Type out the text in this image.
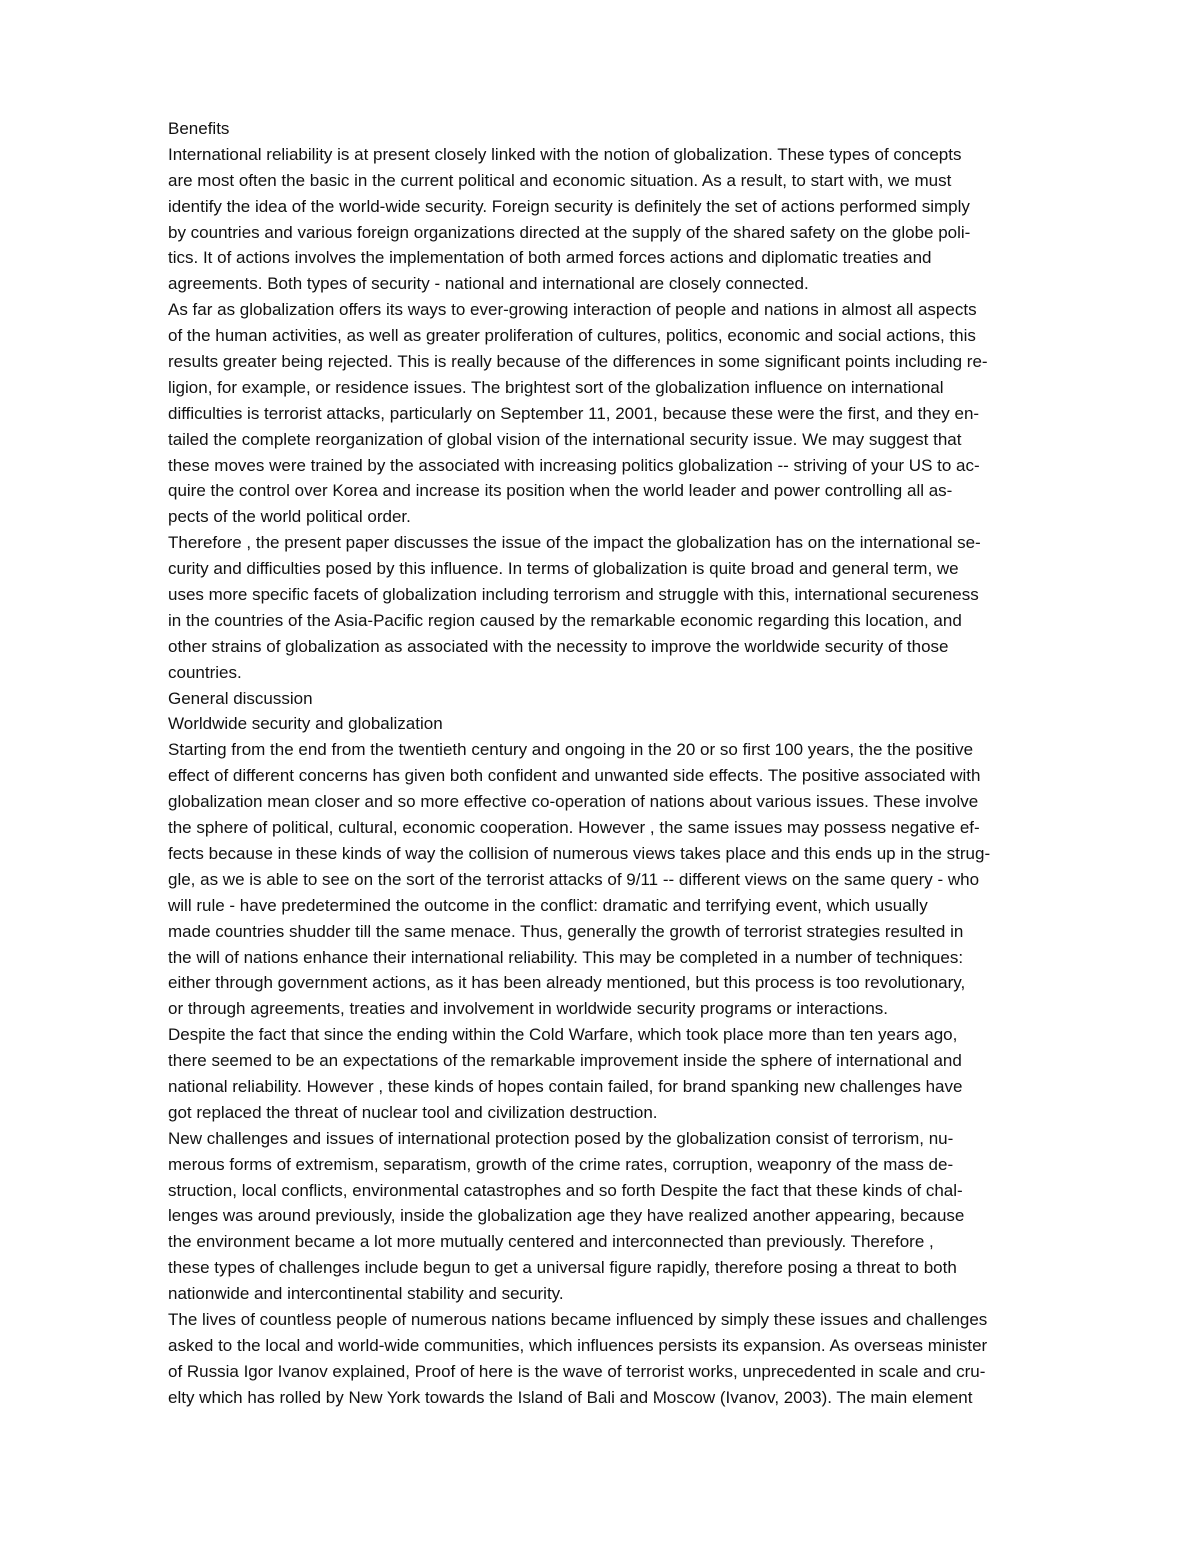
Benefits
International reliability is at present closely linked with the notion of globalization. These types of concepts
are most often the basic in the current political and economic situation. As a result, to start with, we must
identify the idea of the world-wide security. Foreign security is definitely the set of actions performed simply
by countries and various foreign organizations directed at the supply of the shared safety on the globe poli-
tics. It of actions involves the implementation of both armed forces actions and diplomatic treaties and
agreements. Both types of security - national and international are closely connected.
As far as globalization offers its ways to ever-growing interaction of people and nations in almost all aspects
of the human activities, as well as greater proliferation of cultures, politics, economic and social actions, this
results greater being rejected. This is really because of the differences in some significant points including re-
ligion, for example, or residence issues. The brightest sort of the globalization influence on international
difficulties is terrorist attacks, particularly on September 11, 2001, because these were the first, and they en-
tailed the complete reorganization of global vision of the international security issue. We may suggest that
these moves were trained by the associated with increasing politics globalization -- striving of your US to ac-
quire the control over Korea and increase its position when the world leader and power controlling all as-
pects of the world political order.
Therefore , the present paper discusses the issue of the impact the globalization has on the international se-
curity and difficulties posed by this influence. In terms of globalization is quite broad and general term, we
uses more specific facets of globalization including terrorism and struggle with this, international secureness
in the countries of the Asia-Pacific region caused by the remarkable economic regarding this location, and
other strains of globalization as associated with the necessity to improve the worldwide security of those
countries.
General discussion
Worldwide security and globalization
Starting from the end from the twentieth century and ongoing in the 20 or so first 100 years, the the positive
effect of different concerns has given both confident and unwanted side effects. The positive associated with
globalization mean closer and so more effective co-operation of nations about various issues. These involve
the sphere of political, cultural, economic cooperation. However , the same issues may possess negative ef-
fects because in these kinds of way the collision of numerous views takes place and this ends up in the strug-
gle, as we is able to see on the sort of the terrorist attacks of 9/11 -- different views on the same query - who
will rule - have predetermined the outcome in the conflict: dramatic and terrifying event, which usually
made countries shudder till the same menace. Thus, generally the growth of terrorist strategies resulted in
the will of nations enhance their international reliability. This may be completed in a number of techniques:
either through government actions, as it has been already mentioned, but this process is too revolutionary,
or through agreements, treaties and involvement in worldwide security programs or interactions.
Despite the fact that since the ending within the Cold Warfare, which took place more than ten years ago,
there seemed to be an expectations of the remarkable improvement inside the sphere of international and
national reliability. However , these kinds of hopes contain failed, for brand spanking new challenges have
got replaced the threat of nuclear tool and civilization destruction.
New challenges and issues of international protection posed by the globalization consist of terrorism, nu-
merous forms of extremism, separatism, growth of the crime rates, corruption, weaponry of the mass de-
struction, local conflicts, environmental catastrophes and so forth Despite the fact that these kinds of chal-
lenges was around previously, inside the globalization age they have realized another appearing, because
the environment became a lot more mutually centered and interconnected than previously. Therefore ,
these types of challenges include begun to get a universal figure rapidly, therefore posing a threat to both
nationwide and intercontinental stability and security.
The lives of countless people of numerous nations became influenced by simply these issues and challenges
asked to the local and world-wide communities, which influences persists its expansion. As overseas minister
of Russia Igor Ivanov explained, Proof of here is the wave of terrorist works, unprecedented in scale and cru-
elty which has rolled by New York towards the Island of Bali and Moscow (Ivanov, 2003). The main element
